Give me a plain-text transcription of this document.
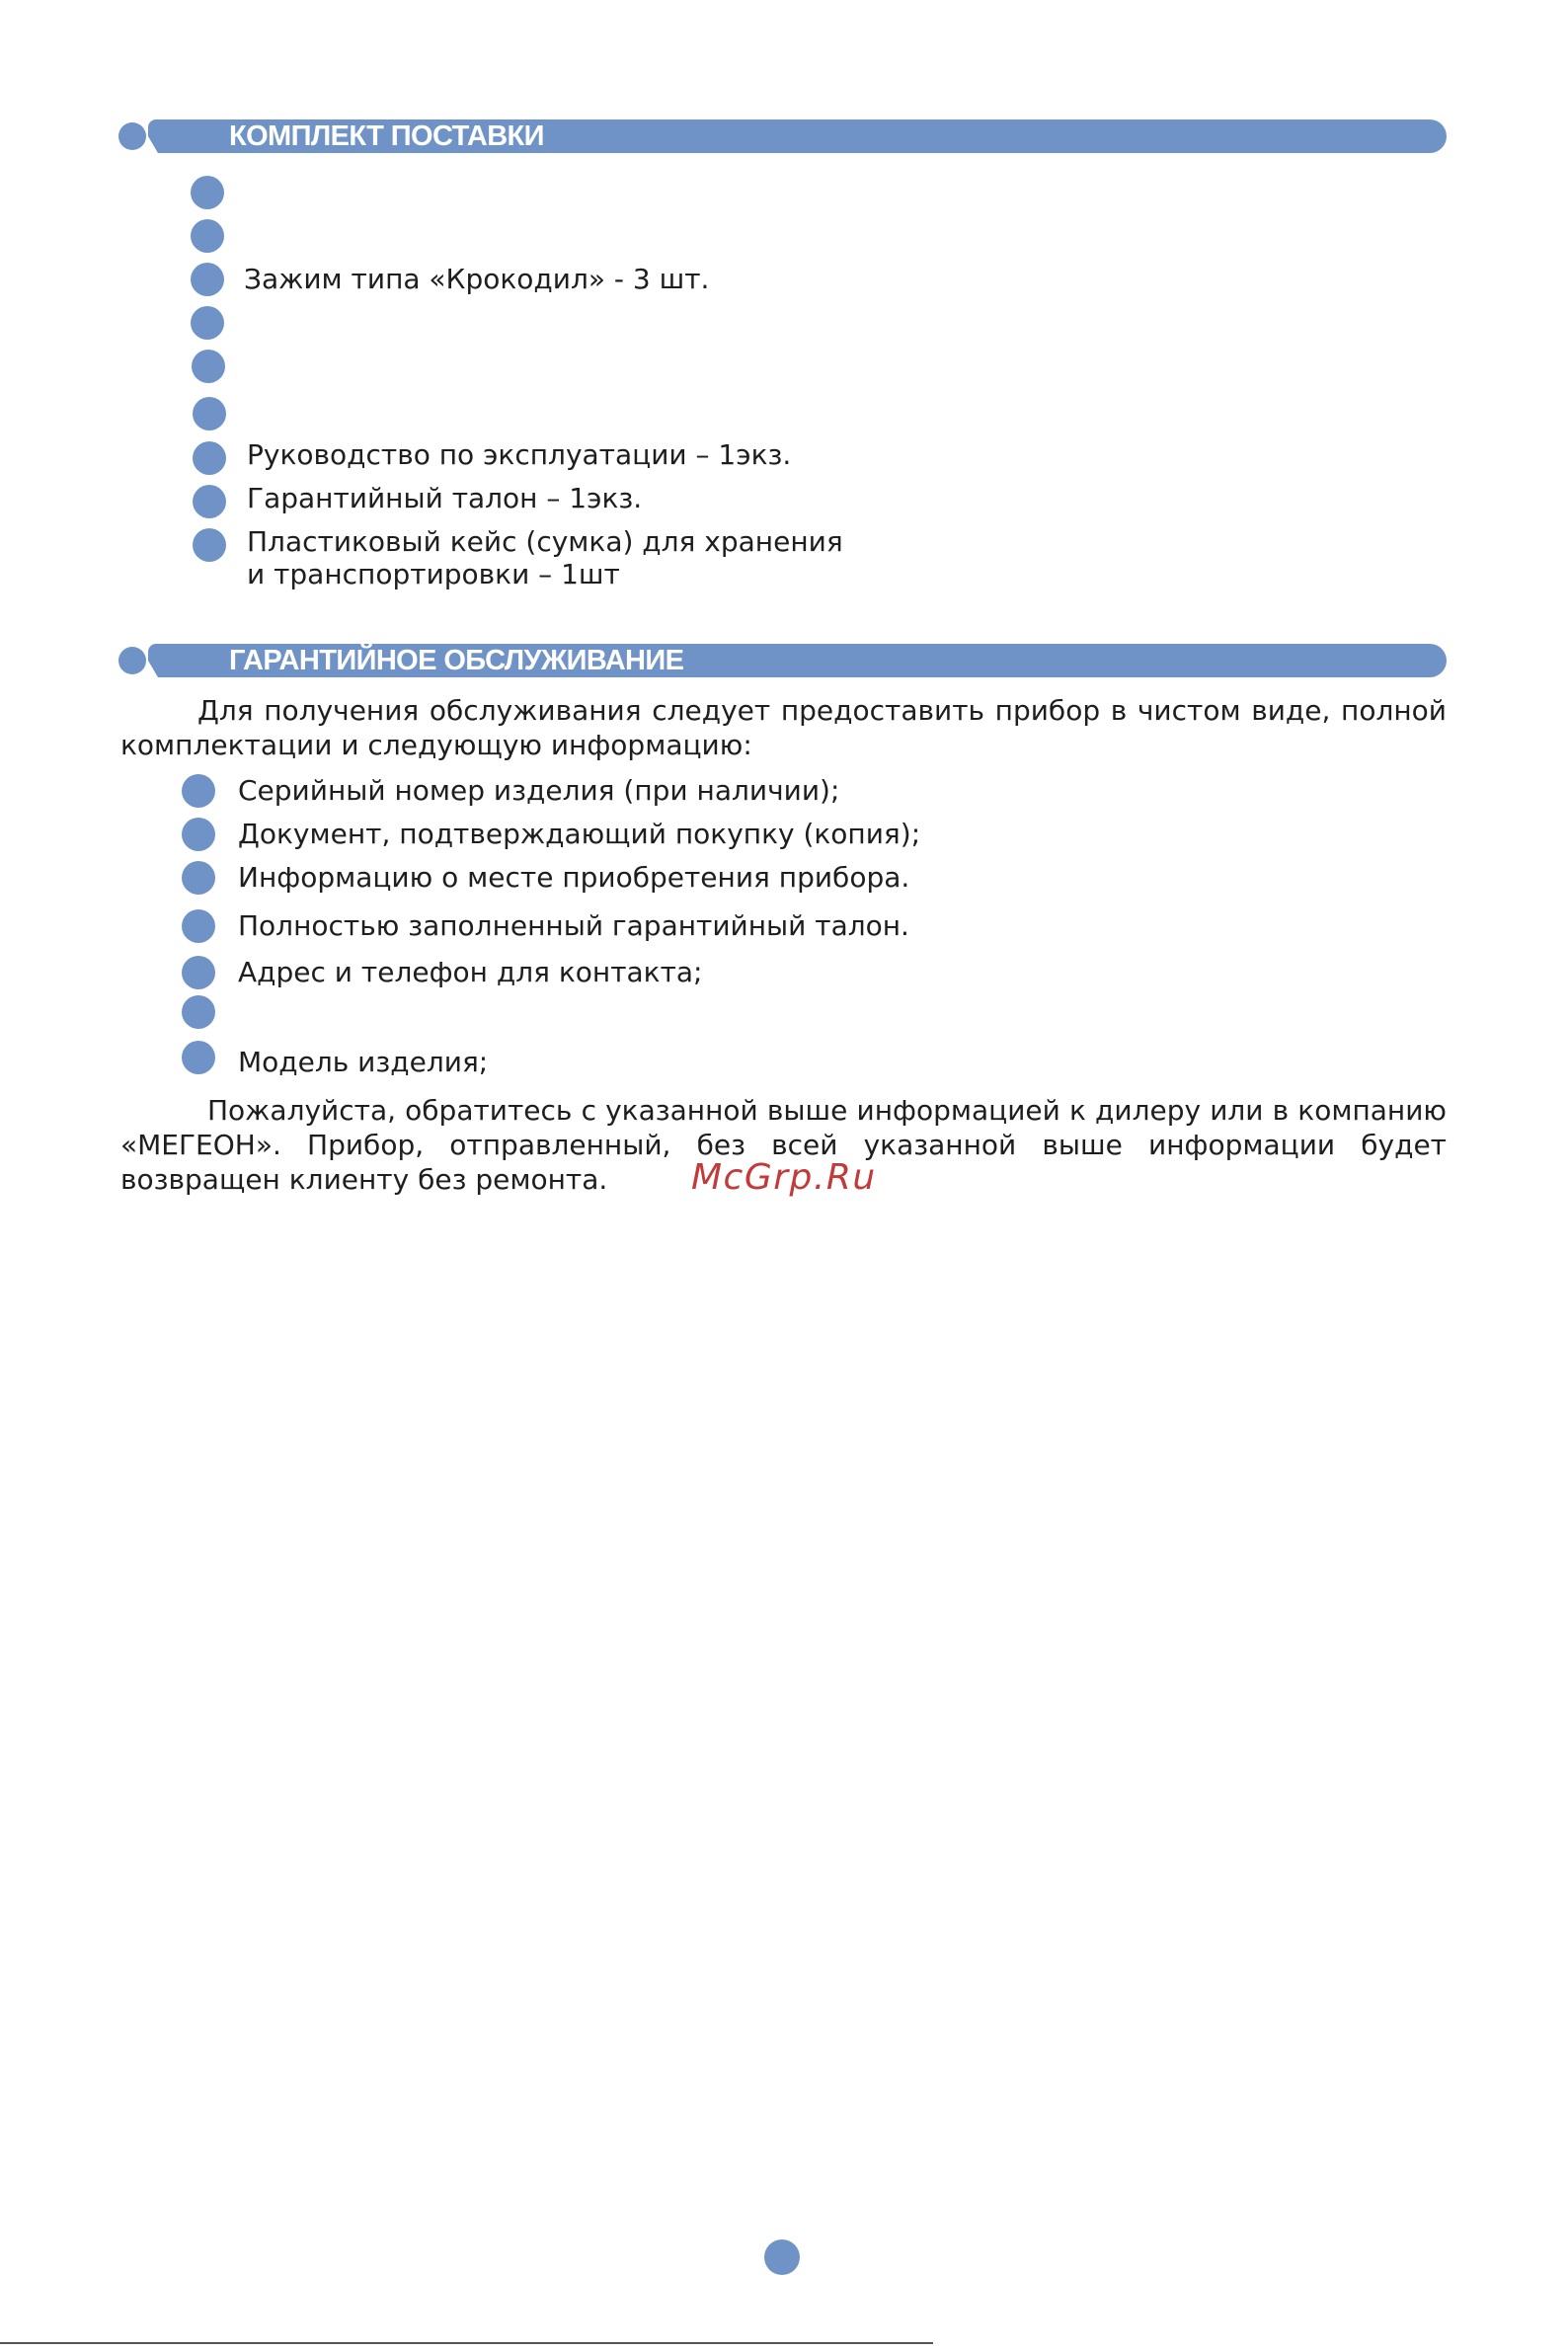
КОМПЛЕКТ ПОСТАВКИ
Зажим типа «Крокодил» - 3 шт.
Руководство по эксплуатации – 1экз.
Гарантийный талон – 1экз.
Пластиковый кейс (сумка) для хранения
и транспортировки – 1шт
ГАРАНТИЙНОЕ ОБСЛУЖИВАНИЕ
Для получения обслуживания следует предоставить прибор в чистом виде, полной комплектации и следующую информацию:
Серийный номер изделия (при наличии);
Документ, подтверждающий покупку (копия);
Информацию о месте приобретения прибора.
Полностью заполненный гарантийный талон.
Адрес и телефон для контакта;
Модель изделия;
Пожалуйста, обратитесь с указанной выше информацией к дилеру или в компанию «МЕГЕОН». Прибор, отправленный, без всей указанной выше информации будет возвращен клиенту без ремонта.	McGrp.Ru
